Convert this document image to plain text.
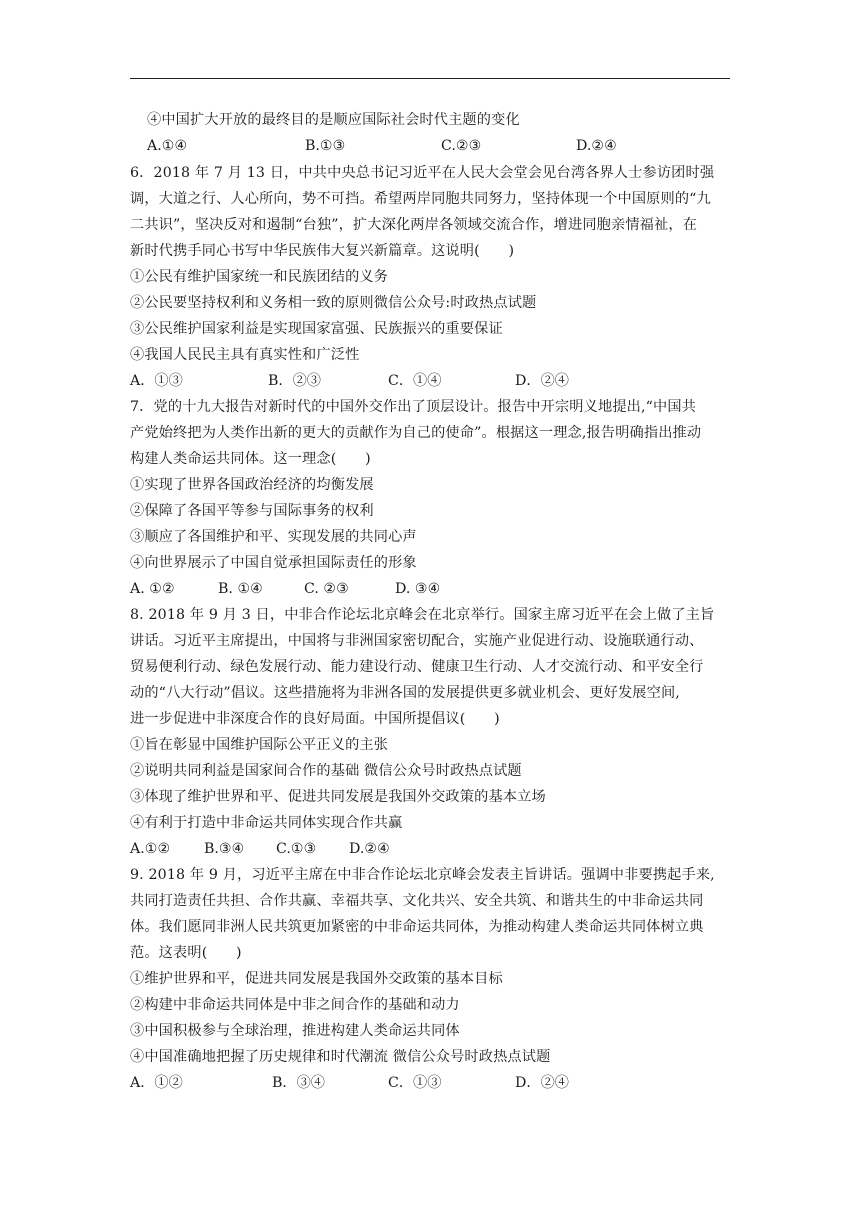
④中国扩大开放的最终目的是顺应国际社会时代主题的变化
A.①④	B.①③	C.②③	D.②④
6．2018 年 7 月 13 日，中共中央总书记习近平在人民大会堂会见台湾各界人士参访团时强
调，大道之行、人心所向，势不可挡。希望两岸同胞共同努力，坚持体现一个中国原则的“九
二共识”，坚决反对和遏制“台独”，扩大深化两岸各领域交流合作，增进同胞亲情福祉，在
新时代携手同心书写中华民族伟大复兴新篇章。这说明(　　)
①公民有维护国家统一和民族团结的义务
②公民要坚持权利和义务相一致的原则微信公众号:时政热点试题
③公民维护国家利益是实现国家富强、民族振兴的重要保证
④我国人民民主具有真实性和广泛性
A．①③	B．②③	C．①④	D．②④
7．党的十九大报告对新时代的中国外交作出了顶层设计。报告中开宗明义地提出,“中国共
产党始终把为人类作出新的更大的贡献作为自己的使命”。根据这一理念,报告明确指出推动
构建人类命运共同体。这一理念(　　)
①实现了世界各国政治经济的均衡发展
②保障了各国平等参与国际事务的权利
③顺应了各国维护和平、实现发展的共同心声
④向世界展示了中国自觉承担国际责任的形象
A. ①②	B. ①④	C. ②③	D. ③④
8. 2018 年 9 月 3 日，中非合作论坛北京峰会在北京举行。国家主席习近平在会上做了主旨
讲话。习近平主席提出，中国将与非洲国家密切配合，实施产业促进行动、设施联通行动、
贸易便利行动、绿色发展行动、能力建设行动、健康卫生行动、人才交流行动、和平安全行
动的“八大行动”倡议。这些措施将为非洲各国的发展提供更多就业机会、更好发展空间,
进一步促进中非深度合作的良好局面。中国所提倡议(　　)
①旨在彰显中国维护国际公平正义的主张
②说明共同利益是国家间合作的基础 微信公众号时政热点试题
③体现了维护世界和平、促进共同发展是我国外交政策的基本立场
④有利于打造中非命运共同体实现合作共赢
A.①② B.③④ C.①③ D.②④
9. 2018 年 9 月，习近平主席在中非合作论坛北京峰会发表主旨讲话。强调中非要携起手来,
共同打造责任共担、合作共赢、幸福共享、文化共兴、安全共筑、和谐共生的中非命运共同
体。我们愿同非洲人民共筑更加紧密的中非命运共同体，为推动构建人类命运共同体树立典
范。这表明(　　)
①维护世界和平，促进共同发展是我国外交政策的基本目标
②构建中非命运共同体是中非之间合作的基础和动力
③中国积极参与全球治理，推进构建人类命运共同体
④中国准确地把握了历史规律和时代潮流 微信公众号时政热点试题
A．①②	B．③④	C．①③	D．②④
